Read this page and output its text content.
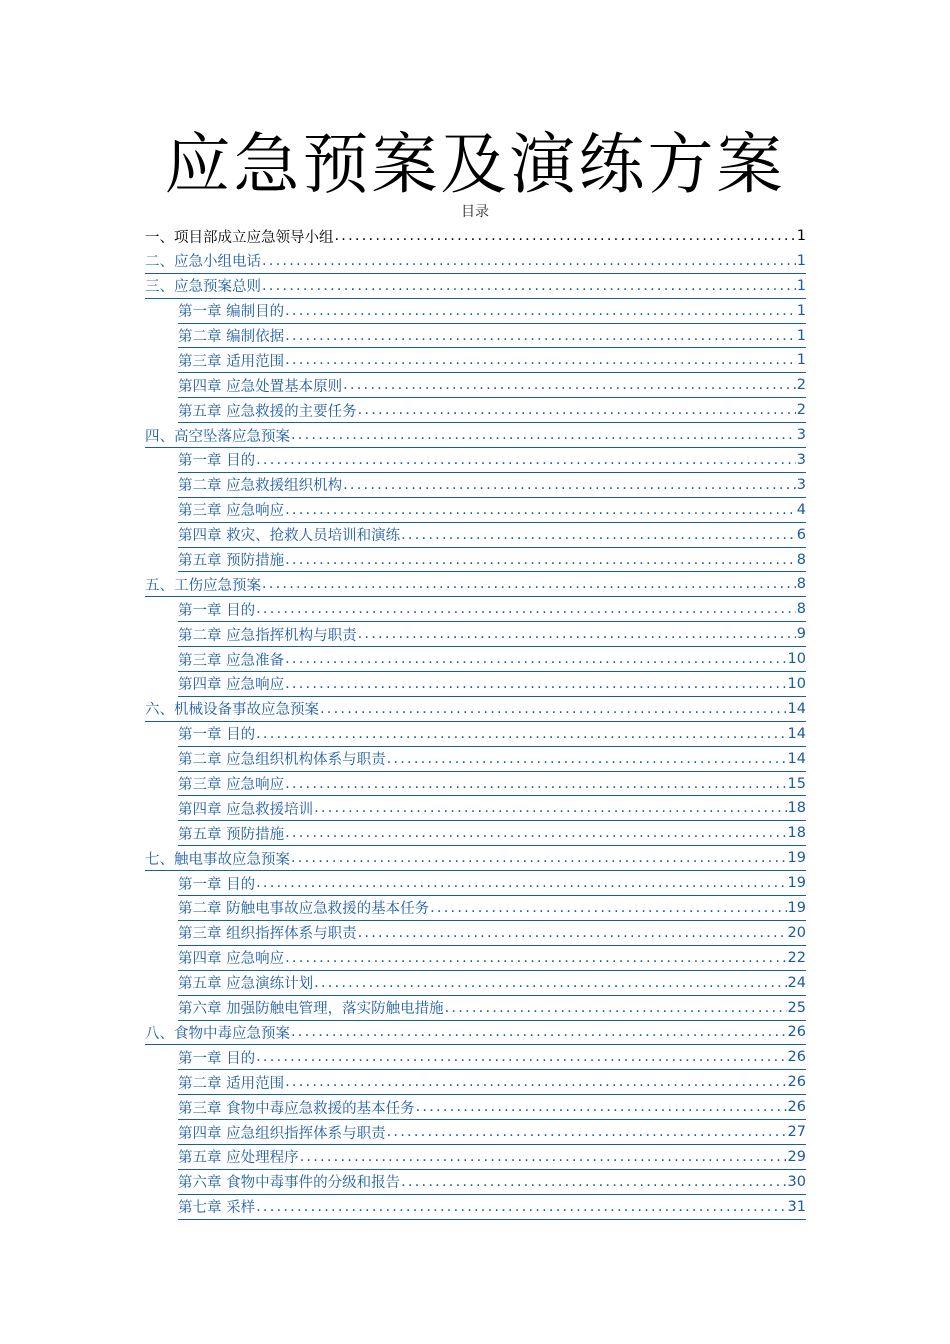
应急预案及演练方案
目录
一、项目部成立应急领导小组 .....	1
二、应急小组电话 .....	1
三、应急预案总则 .....	1
第一章 编制目的 .....	1
第二章 编制依据 .....	1
第三章 适用范围 .....	1
第四章 应急处置基本原则 .....	2
第五章 应急救援的主要任务 .....	2
四、高空坠落应急预案 .....	3
第一章 目的 .....	3
第二章 应急救援组织机构 .....	3
第三章 应急响应 .....	4
第四章 救灾、抢救人员培训和演练 .....	6
第五章 预防措施 .....	8
五、工伤应急预案 .....	8
第一章 目的 .....	8
第二章 应急指挥机构与职责 .....	9
第三章 应急准备 .....	10
第四章 应急响应 .....	10
六、机械设备事故应急预案 .....	14
第一章 目的 .....	14
第二章 应急组织机构体系与职责 .....	14
第三章 应急响应 .....	15
第四章 应急救援培训 .....	18
第五章 预防措施 .....	18
七、触电事故应急预案 .....	19
第一章 目的 .....	19
第二章 防触电事故应急救援的基本任务 .....	19
第三章 组织指挥体系与职责 .....	20
第四章 应急响应 .....	22
第五章 应急演练计划 .....	24
第六章 加强防触电管理，落实防触电措施 .....	25
八、食物中毒应急预案 .....	26
第一章 目的 .....	26
第二章 适用范围 .....	26
第三章 食物中毒应急救援的基本任务 .....	26
第四章 应急组织指挥体系与职责 .....	27
第五章 应处理程序 .....	29
第六章 食物中毒事件的分级和报告 .....	30
第七章 采样 .....	31
